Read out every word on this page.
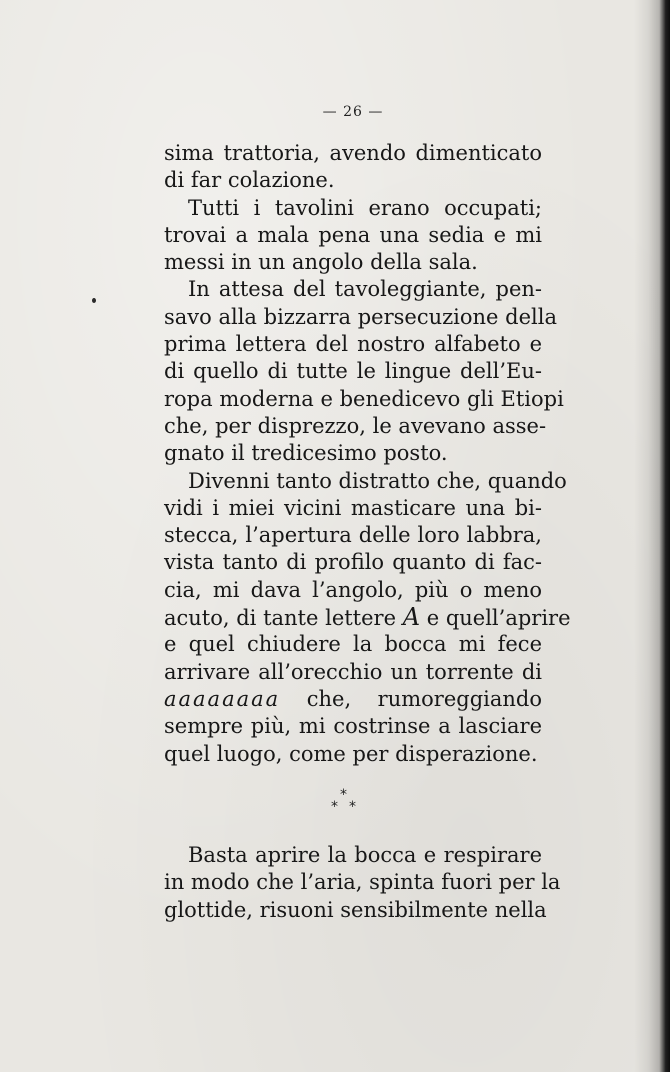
— 26 —
sima trattoria, avendo dimenticato
di far colazione.
Tutti i tavolini erano occupati;
trovai a mala pena una sedia e mi
messi in un angolo della sala.
In attesa del tavoleggiante, pen-
savo alla bizzarra persecuzione della
prima lettera del nostro alfabeto e
di quello di tutte le lingue dell’Eu-
ropa moderna e benedicevo gli Etiopi
che, per disprezzo, le avevano asse-
gnato il tredicesimo posto.
Divenni tanto distratto che, quando
vidi i miei vicini masticare una bi-
stecca, l’apertura delle loro labbra,
vista tanto di profilo quanto di fac-
cia, mi dava l’angolo, più o meno
acuto, di tante lettere A e quell’aprire
e quel chiudere la bocca mi fece
arrivare all’orecchio un torrente di
aaaaaaaa che, rumoreggiando
sempre più, mi costrinse a lasciare
quel luogo, come per disperazione.
*
* *
Basta aprire la bocca e respirare
in modo che l’aria, spinta fuori per la
glottide, risuoni sensibilmente nella
